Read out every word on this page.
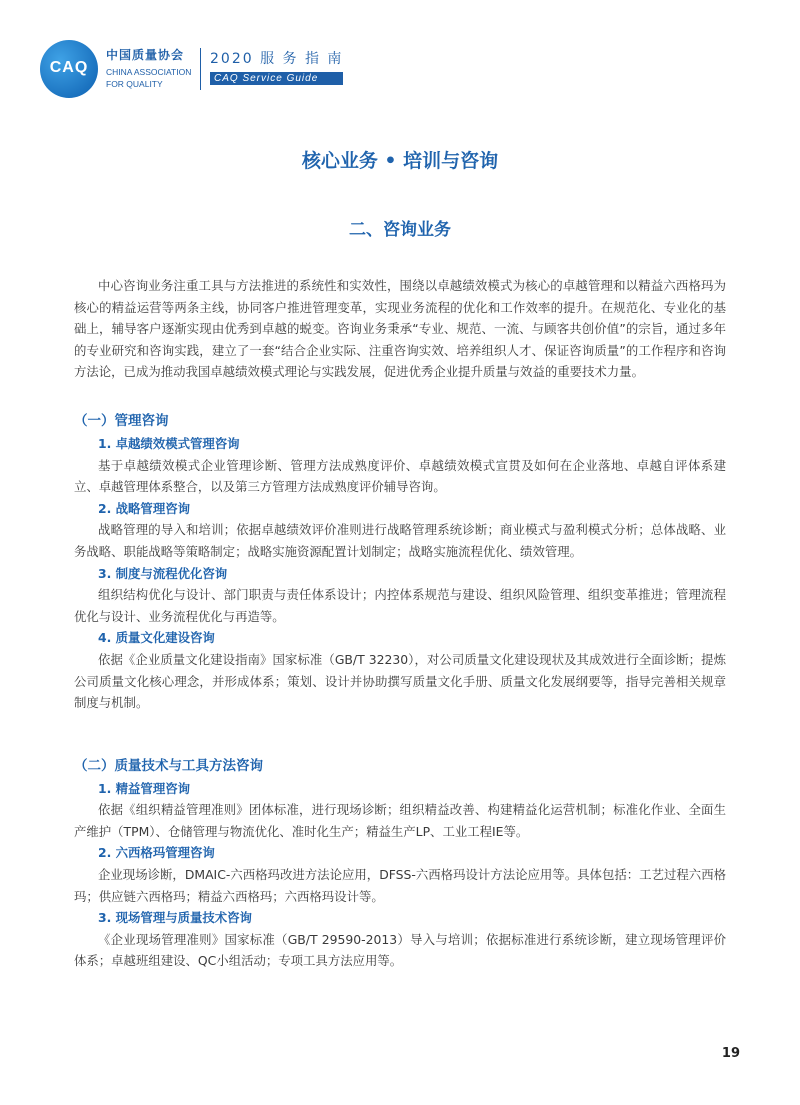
CAQ
中国质量协会
CHINA ASSOCIATION
FOR QUALITY
2020 服 务 指 南
CAQ Service Guide
核心业务 • 培训与咨询
二、咨询业务

中心咨询业务注重工具与方法推进的系统性和实效性，围绕以卓越绩效模式为核心的卓越管理和以精益六西格玛为核心的精益运营等两条主线，协同客户推进管理变革，实现业务流程的优化和工作效率的提升。在规范化、专业化的基础上，辅导客户逐渐实现由优秀到卓越的蜕变。咨询业务秉承“专业、规范、一流、与顾客共创价值”的宗旨，通过多年的专业研究和咨询实践，建立了一套“结合企业实际、注重咨询实效、培养组织人才、保证咨询质量”的工作程序和咨询方法论，已成为推动我国卓越绩效模式理论与实践发展，促进优秀企业提升质量与效益的重要技术力量。

（一）管理咨询

1. 卓越绩效模式管理咨询

基于卓越绩效模式企业管理诊断、管理方法成熟度评价、卓越绩效模式宣贯及如何在企业落地、卓越自评体系建立、卓越管理体系整合，以及第三方管理方法成熟度评价辅导咨询。

2. 战略管理咨询

战略管理的导入和培训；依据卓越绩效评价准则进行战略管理系统诊断；商业模式与盈利模式分析；总体战略、业务战略、职能战略等策略制定；战略实施资源配置计划制定；战略实施流程优化、绩效管理。

3. 制度与流程优化咨询

组织结构优化与设计、部门职责与责任体系设计；内控体系规范与建设、组织风险管理、组织变革推进；管理流程优化与设计、业务流程优化与再造等。

4. 质量文化建设咨询

依据《企业质量文化建设指南》国家标准（GB/T 32230），对公司质量文化建设现状及其成效进行全面诊断；提炼公司质量文化核心理念，并形成体系；策划、设计并协助撰写质量文化手册、质量文化发展纲要等，指导完善相关规章制度与机制。

（二）质量技术与工具方法咨询

1. 精益管理咨询

依据《组织精益管理准则》团体标准，进行现场诊断；组织精益改善、构建精益化运营机制；标准化作业、全面生产维护（TPM）、仓储管理与物流优化、准时化生产；精益生产LP、工业工程IE等。

2. 六西格玛管理咨询

企业现场诊断，DMAIC-六西格玛改进方法论应用，DFSS-六西格玛设计方法论应用等。具体包括：工艺过程六西格玛；供应链六西格玛；精益六西格玛；六西格玛设计等。

3. 现场管理与质量技术咨询

《企业现场管理准则》国家标准（GB/T 29590-2013）导入与培训；依据标准进行系统诊断，建立现场管理评价体系；卓越班组建设、QC小组活动；专项工具方法应用等。

19
